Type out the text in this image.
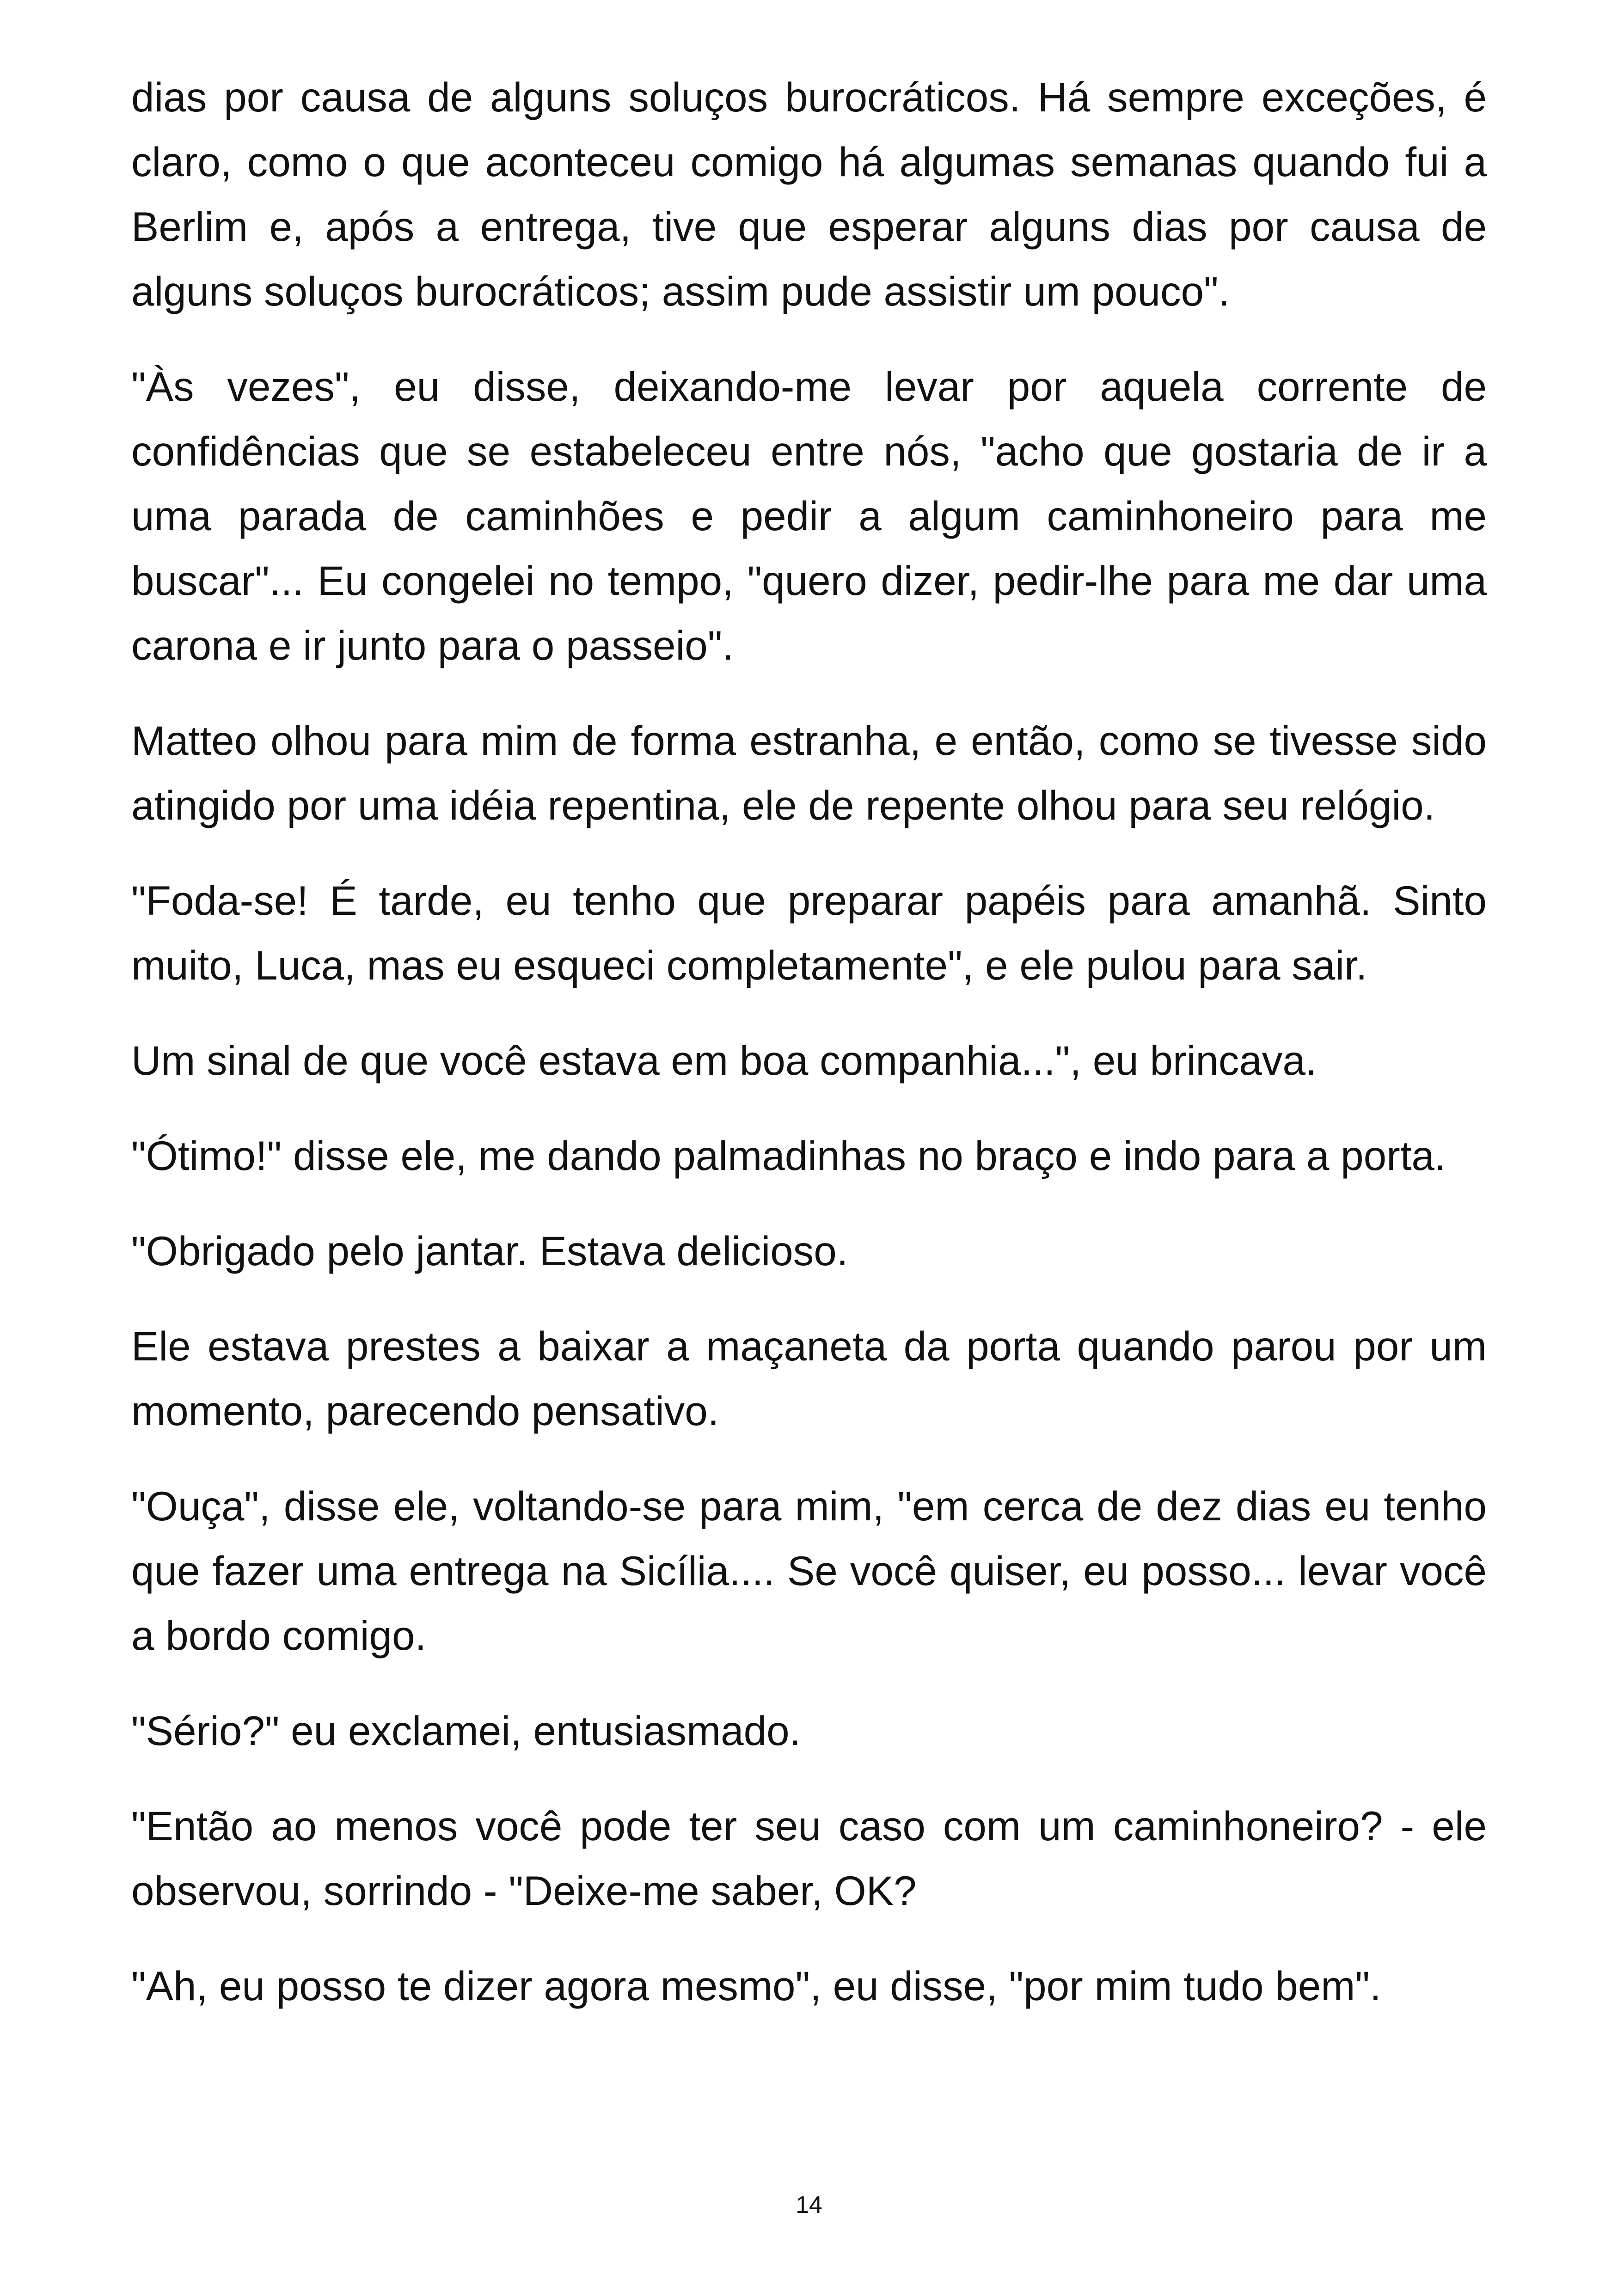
dias por causa de alguns soluços burocráticos. Há sempre exceções, é claro, como o que aconteceu comigo há algumas semanas quando fui a Berlim e, após a entrega, tive que esperar alguns dias por causa de alguns soluços burocráticos; assim pude assistir um pouco".

"Às vezes", eu disse, deixando-me levar por aquela corrente de confidências que se estabeleceu entre nós, "acho que gostaria de ir a uma parada de caminhões e pedir a algum caminhoneiro para me buscar"... Eu congelei no tempo, "quero dizer, pedir-lhe para me dar uma carona e ir junto para o passeio".

Matteo olhou para mim de forma estranha, e então, como se tivesse sido atingido por uma idéia repentina, ele de repente olhou para seu relógio.

"Foda-se! É tarde, eu tenho que preparar papéis para amanhã. Sinto muito, Luca, mas eu esqueci completamente", e ele pulou para sair.

Um sinal de que você estava em boa companhia...", eu brincava.

"Ótimo!" disse ele, me dando palmadinhas no braço e indo para a porta.

"Obrigado pelo jantar. Estava delicioso.

Ele estava prestes a baixar a maçaneta da porta quando parou por um momento, parecendo pensativo.

"Ouça", disse ele, voltando-se para mim, "em cerca de dez dias eu tenho que fazer uma entrega na Sicília.... Se você quiser, eu posso... levar você a bordo comigo.

"Sério?" eu exclamei, entusiasmado.

"Então ao menos você pode ter seu caso com um caminhoneiro? - ele observou, sorrindo - "Deixe-me saber, OK?

"Ah, eu posso te dizer agora mesmo", eu disse, "por mim tudo bem".

14
